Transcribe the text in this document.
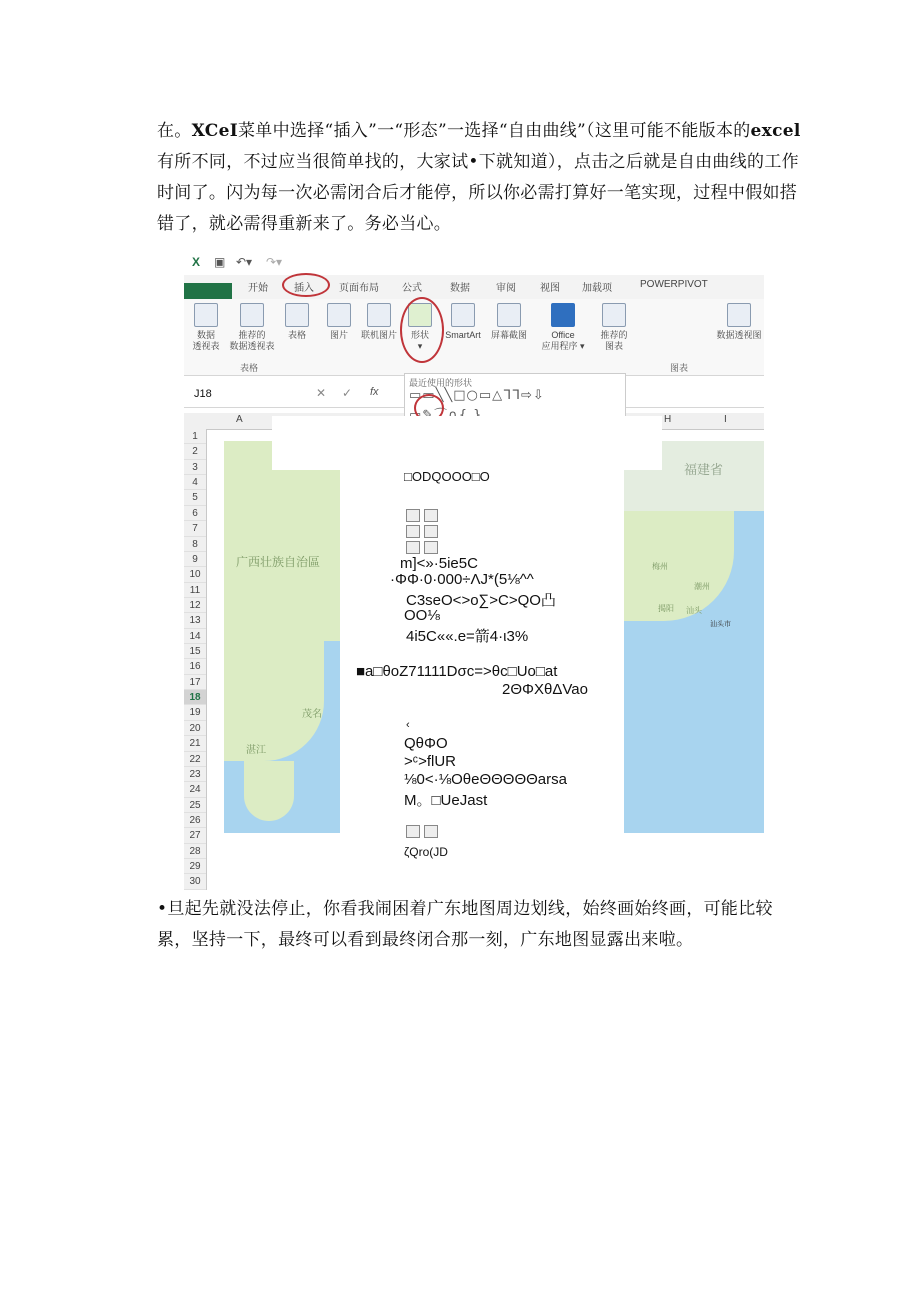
在。XCeI菜单中选择“插入”一“形态”一选择“自由曲线”（这里可能不能版本的excel有所不同，不过应当很简单找的，大家试•下就知道），点击之后就是自由曲线的工作时间了。闪为每一次必需闭合后才能停，所以你必需打算好一笔实现，过程中假如搭错了，就必需得重新来了。务必当心。
X ▣ ↶▾ ↷▾
开始	插入	页面布局 公式	数据	审阅 视图 加载项	POWERPIVOT
数据
透视表
推荐的
数据透视表
表格	图片	联机图片	形状
▾
SmartArt	屏幕截图	Office
应用程序 ▾
推荐的
图表
数据透视图
表格	图表
J18	✕ ✓ fx
A	H	I
1
2
3
4
5
6
7
8
9
10
11
12
13
14
15
16
17
18
19
20
21
22
23
24
25
26
27
28
29
30
广西壮族自治區
茂名
湛江
福建省
梅州
潮州
揭阳 汕头
汕头市
最近使用的形状
▭▭╲╲□○▭△ᒣᒣ⇨⇩
□ODQOOO□O
m]<»·5ie5C
·ΦΦ·0·000÷ΛJ*(5⅛^^
C3seO<>o∑>C>QO凸
OO⅛
4i5C««.e=箭4·ι3%
■a□θoZ71111Dσc=>θc□Uo□at
2ΘΦXθΔVao
‹
QθΦO
>ᶜ>flUR
⅛0<·⅛OθeΘΘΘΘΘarsa
M。□UeJast
ζQro(JD
•旦起先就没法停止，你看我闹困着广东地图周边划线，始终画始终画，可能比较累，坚持一下，最终可以看到最终闭合那一刻，广东地图显露出来啦。
